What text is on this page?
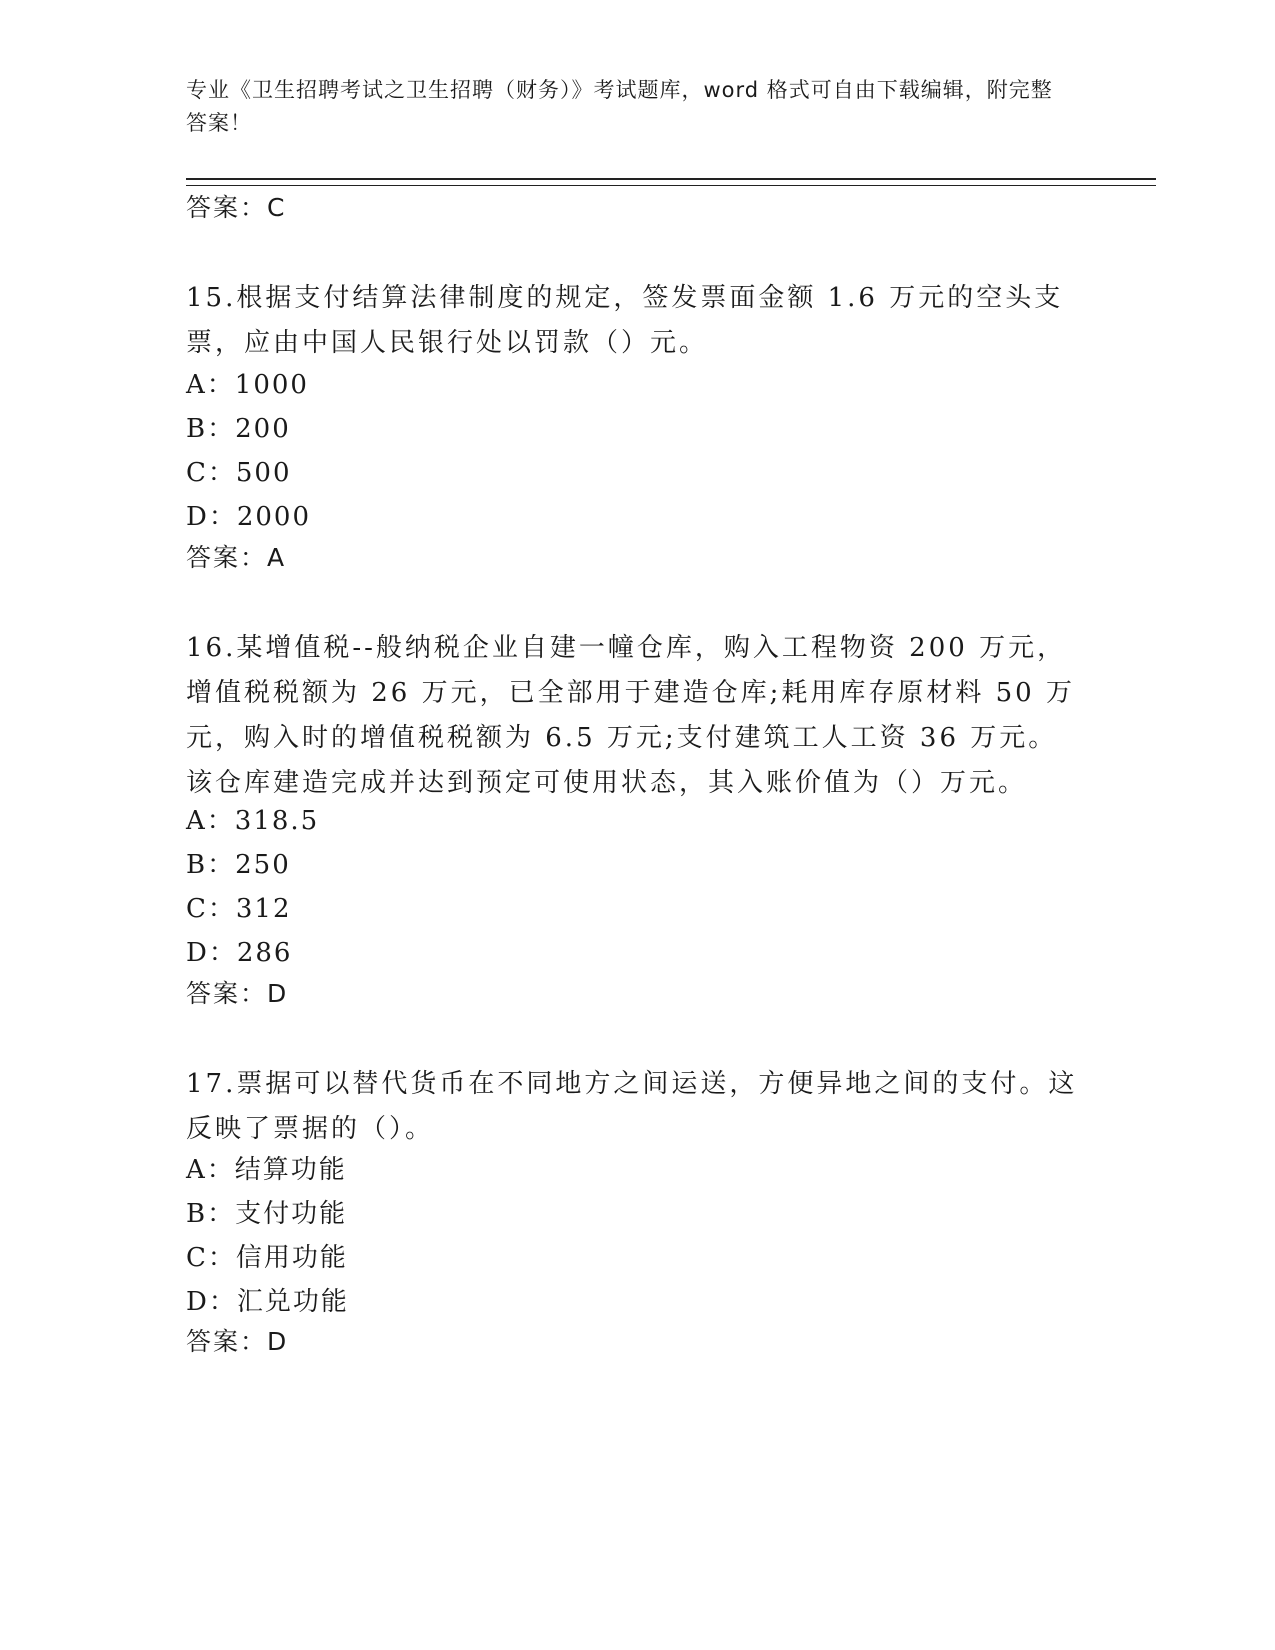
专业《卫生招聘考试之卫生招聘（财务）》考试题库，word 格式可自由下载编辑，附完整答案！
答案：C
15.根据支付结算法律制度的规定，签发票面金额 1.6 万元的空头支票，应由中国人民银行处以罚款（）元。
A：1000
B：200
C：500
D：2000
答案：A
16.某增值税--般纳税企业自建一幢仓库，购入工程物资 200 万元，增值税税额为 26 万元，已全部用于建造仓库;耗用库存原材料 50 万元，购入时的增值税税额为 6.5 万元;支付建筑工人工资 36 万元。该仓库建造完成并达到预定可使用状态，其入账价值为（）万元。
A：318.5
B：250
C：312
D：286
答案：D
17.票据可以替代货币在不同地方之间运送，方便异地之间的支付。这反映了票据的（）。
A：结算功能
B：支付功能
C：信用功能
D：汇兑功能
答案：D
